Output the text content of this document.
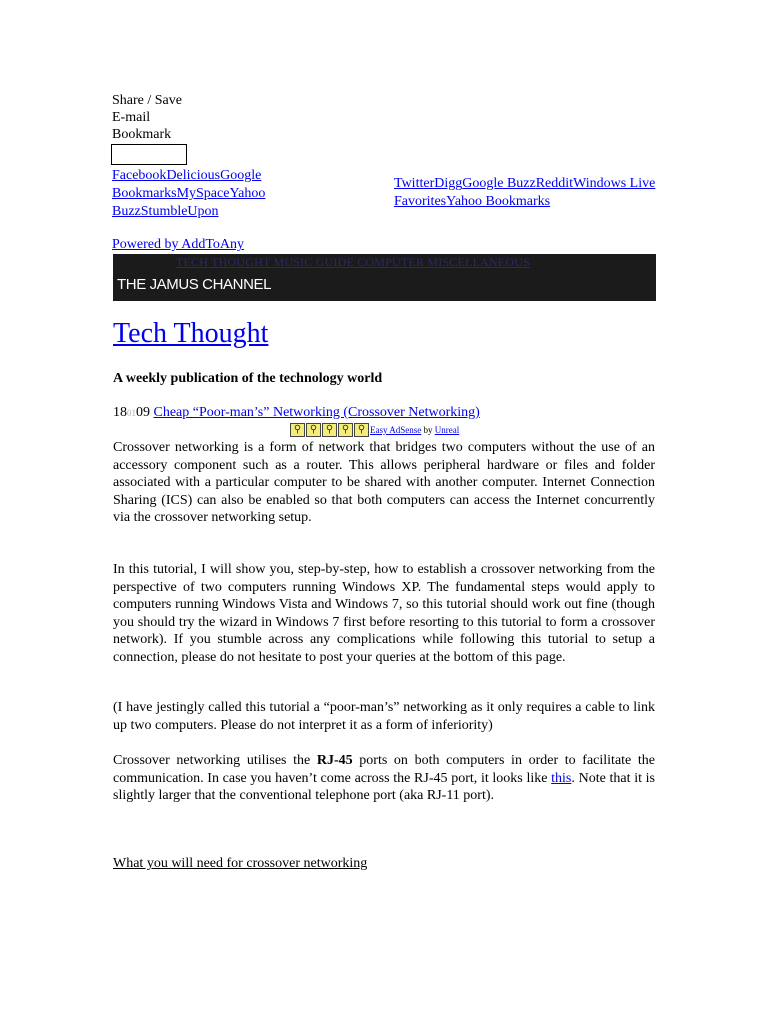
Share / Save
E-mail
Bookmark
FacebookDeliciousGoogle BookmarksMySpaceYahoo BuzzStumbleUpon
TwitterDiggGoogle BuzzRedditWindows Live FavoritesYahoo Bookmarks
Powered by AddToAny
TECH THOUGHT MUSIC GUIDE COMPUTER MISCELLANEOUS
THE JAMUS CHANNEL
Tech Thought
A weekly publication of the technology world
180109 Cheap “Poor-man’s” Networking (Crossover Networking)
⚲ ⚲ ⚲ ⚲ ⚲ Easy AdSense
by
Unreal
Crossover networking is a form of network that bridges two computers without the use of an accessory component such as a router. This allows peripheral hardware or files and folder associated with a particular computer to be shared with another computer. Internet Connection Sharing (ICS) can also be enabled so that both computers can access the Internet concurrently via the crossover networking setup.
In this tutorial, I will show you, step-by-step, how to establish a crossover networking from the perspective of two computers running Windows XP. The fundamental steps would apply to computers running Windows Vista and Windows 7, so this tutorial should work out fine (though you should try the wizard in Windows 7 first before resorting to this tutorial to form a crossover network). If you stumble across any complications while following this tutorial to setup a connection, please do not hesitate to post your queries at the bottom of this page.
(I have jestingly called this tutorial a “poor-man’s” networking as it only requires a cable to link up two computers. Please do not interpret it as a form of inferiority)
Crossover networking utilises the RJ-45 ports on both computers in order to facilitate the communication. In case you haven’t come across the RJ-45 port, it looks like this. Note that it is slightly larger that the conventional telephone port (aka RJ-11 port).
What you will need for crossover networking
